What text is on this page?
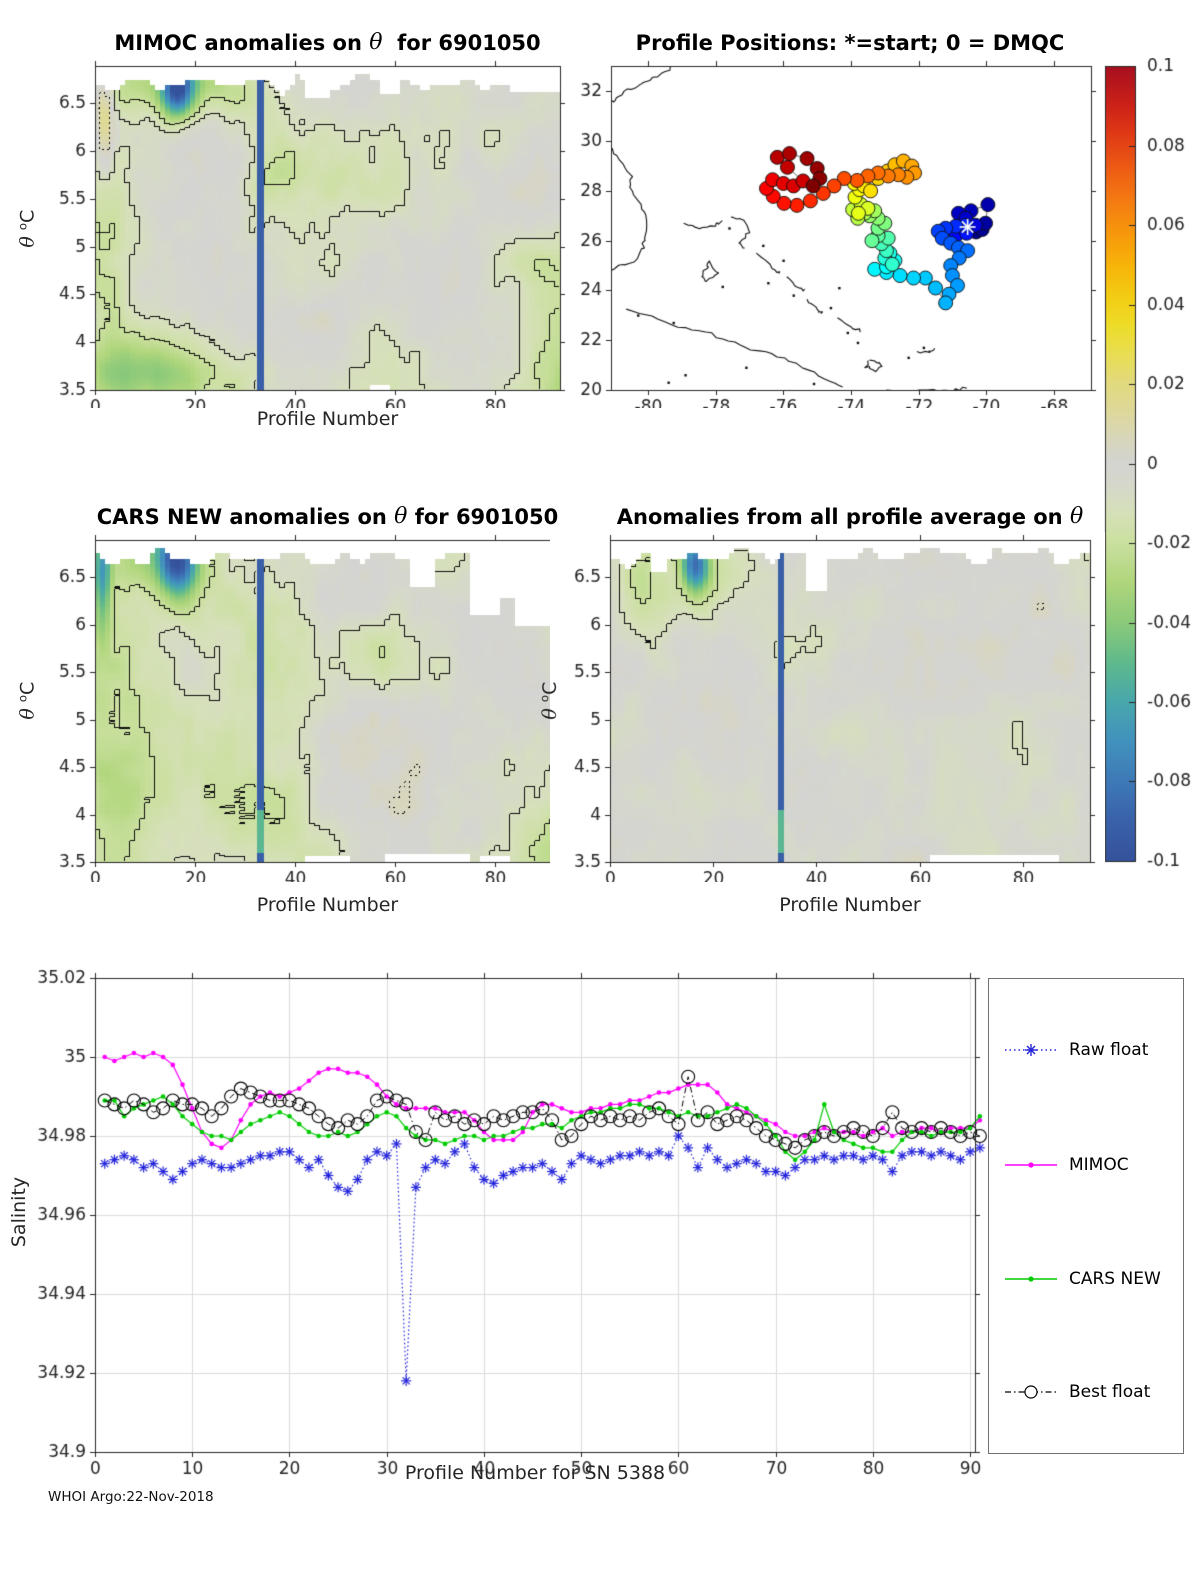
MIMOC anomalies on θ for 6901050	Profile Positions: *=start; 0 = DMQC
CARS NEW anomalies on θ for 6901050	Anomalies from all profile average on θ
θ $^o$C
Profile Number
θ $^o$C
Profile Number
θ $^o$C
Profile Number
Salinity
Profile Number for SN 5388
Raw float
MIMOC
CARS NEW
Best float
WHOI Argo:22-Nov-2018
